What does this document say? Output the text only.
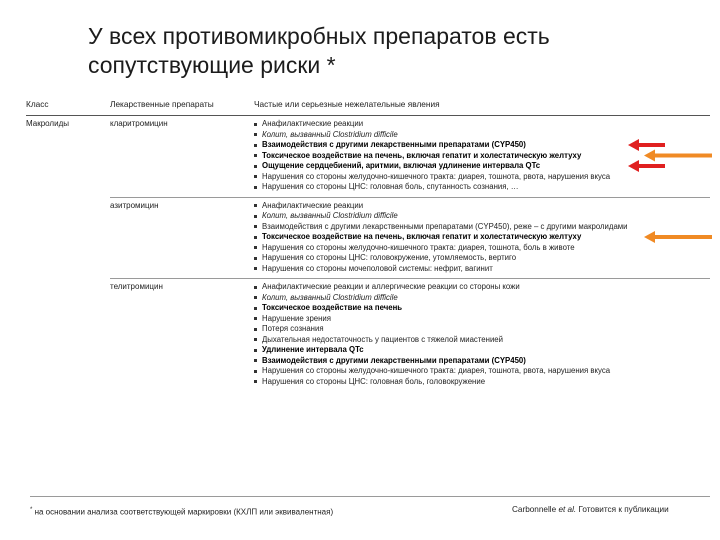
У всех противомикробных препаратов есть сопутствующие риски *
Класс	Лекарственные препараты	Частые или серьезные нежелательные явления
Макролиды	кларитромицин	Анафилактические реакции
Колит, вызванный Clostridium difficile
Взаимодействия с другими лекарственными препаратами (CYP450)
Токсическое воздействие на печень, включая гепатит и холестатическую желтуху
Ощущение сердцебиений, аритмии, включая удлинение интервала QTc
Нарушения со стороны желудочно-кишечного тракта: диарея, тошнота, рвота, нарушения вкуса
Нарушения со стороны ЦНС: головная боль, спутанность сознания, …
азитромицин	Анафилактические реакции
Колит, вызванный Clostridium difficile
Взаимодействия с другими лекарственными препаратами (CYP450), реже – с другими макролидами
Токсическое воздействие на печень, включая гепатит и холестатическую желтуху
Нарушения со стороны желудочно-кишечного тракта: диарея, тошнота, боль в животе
Нарушения со стороны ЦНС: головокружение, утомляемость, вертиго
Нарушения со стороны мочеполовой системы: нефрит, вагинит
телитромицин	Анафилактические реакции и аллергические реакции со стороны кожи
Колит, вызванный Clostridium difficile
Токсическое воздействие на печень
Нарушение зрения
Потеря сознания
Дыхательная недостаточность у пациентов с тяжелой миастенией
Удлинение интервала QTc
Взаимодействия с другими лекарственными препаратами (CYP450)
Нарушения со стороны желудочно-кишечного тракта: диарея, тошнота, рвота, нарушения вкуса
Нарушения со стороны ЦНС: головная боль, головокружение
* на основании анализа соответствующей маркировки (КХЛП или эквивалентная)	Carbonnelle et al. Готовится к публикации
